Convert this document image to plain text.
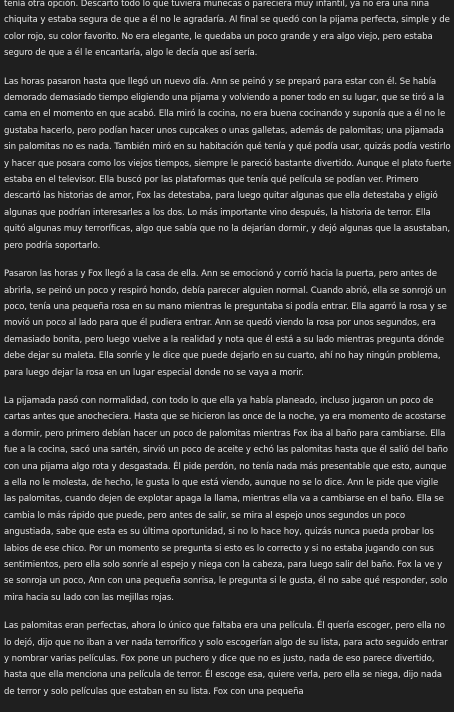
tenía otra opción. Descartó todo lo que tuviera muñecas o pareciera muy infantil, ya no era una niña chiquita y estaba segura de que a él no le agradaría. Al final se quedó con la pijama perfecta, simple y de color rojo, su color favorito. No era elegante, le quedaba un poco grande y era algo viejo, pero estaba seguro de que a él le encantaría, algo le decía que así sería.

Las horas pasaron hasta que llegó un nuevo día. Ann se peinó y se preparó para estar con él. Se había demorado demasiado tiempo eligiendo una pijama y volviendo a poner todo en su lugar, que se tiró a la cama en el momento en que acabó. Ella miró la cocina, no era buena cocinando y suponía que a él no le gustaba hacerlo, pero podían hacer unos cupcakes o unas galletas, además de palomitas; una pijamada sin palomitas no es nada. También miró en su habitación qué tenía y qué podía usar, quizás podía vestirlo y hacer que posara como los viejos tiempos, siempre le pareció bastante divertido. Aunque el plato fuerte estaba en el televisor. Ella buscó por las plataformas que tenía qué película se podían ver. Primero descartó las historias de amor, Fox las detestaba, para luego quitar algunas que ella detestaba y eligió algunas que podrían interesarles a los dos. Lo más importante vino después, la historia de terror. Ella quitó algunas muy terroríficas, algo que sabía que no la dejarían dormir, y dejó algunas que la asustaban, pero podría soportarlo.

Pasaron las horas y Fox llegó a la casa de ella. Ann se emocionó y corrió hacia la puerta, pero antes de abrirla, se peinó un poco y respiró hondo, debía parecer alguien normal. Cuando abrió, ella se sonrojó un poco, tenía una pequeña rosa en su mano mientras le preguntaba si podía entrar. Ella agarró la rosa y se movió un poco al lado para que él pudiera entrar. Ann se quedó viendo la rosa por unos segundos, era demasiado bonita, pero luego vuelve a la realidad y nota que él está a su lado mientras pregunta dónde debe dejar su maleta. Ella sonríe y le dice que puede dejarlo en su cuarto, ahí no hay ningún problema, para luego dejar la rosa en un lugar especial donde no se vaya a morir.

La pijamada pasó con normalidad, con todo lo que ella ya había planeado, incluso jugaron un poco de cartas antes que anocheciera. Hasta que se hicieron las once de la noche, ya era momento de acostarse a dormir, pero primero debían hacer un poco de palomitas mientras Fox iba al baño para cambiarse. Ella fue a la cocina, sacó una sartén, sirvió un poco de aceite y echó las palomitas hasta que él salió del baño con una pijama algo rota y desgastada. Él pide perdón, no tenía nada más presentable que esto, aunque a ella no le molesta, de hecho, le gusta lo que está viendo, aunque no se lo dice. Ann le pide que vigile las palomitas, cuando dejen de explotar apaga la llama, mientras ella va a cambiarse en el baño. Ella se cambia lo más rápido que puede, pero antes de salir, se mira al espejo unos segundos un poco angustiada, sabe que esta es su última oportunidad, si no lo hace hoy, quizás nunca pueda probar los labios de ese chico. Por un momento se pregunta si esto es lo correcto y si no estaba jugando con sus sentimientos, pero ella solo sonríe al espejo y niega con la cabeza, para luego salir del baño. Fox la ve y se sonroja un poco, Ann con una pequeña sonrisa, le pregunta si le gusta, él no sabe qué responder, solo mira hacia su lado con las mejillas rojas.

Las palomitas eran perfectas, ahora lo único que faltaba era una película. Él quería escoger, pero ella no lo dejó, dijo que no iban a ver nada terrorífico y solo escogerían algo de su lista, para acto seguido entrar y nombrar varias películas. Fox pone un puchero y dice que no es justo, nada de eso parece divertido, hasta que ella menciona una película de terror. Él escoge esa, quiere verla, pero ella se niega, dijo nada de terror y solo películas que estaban en su lista. Fox con una pequeña
